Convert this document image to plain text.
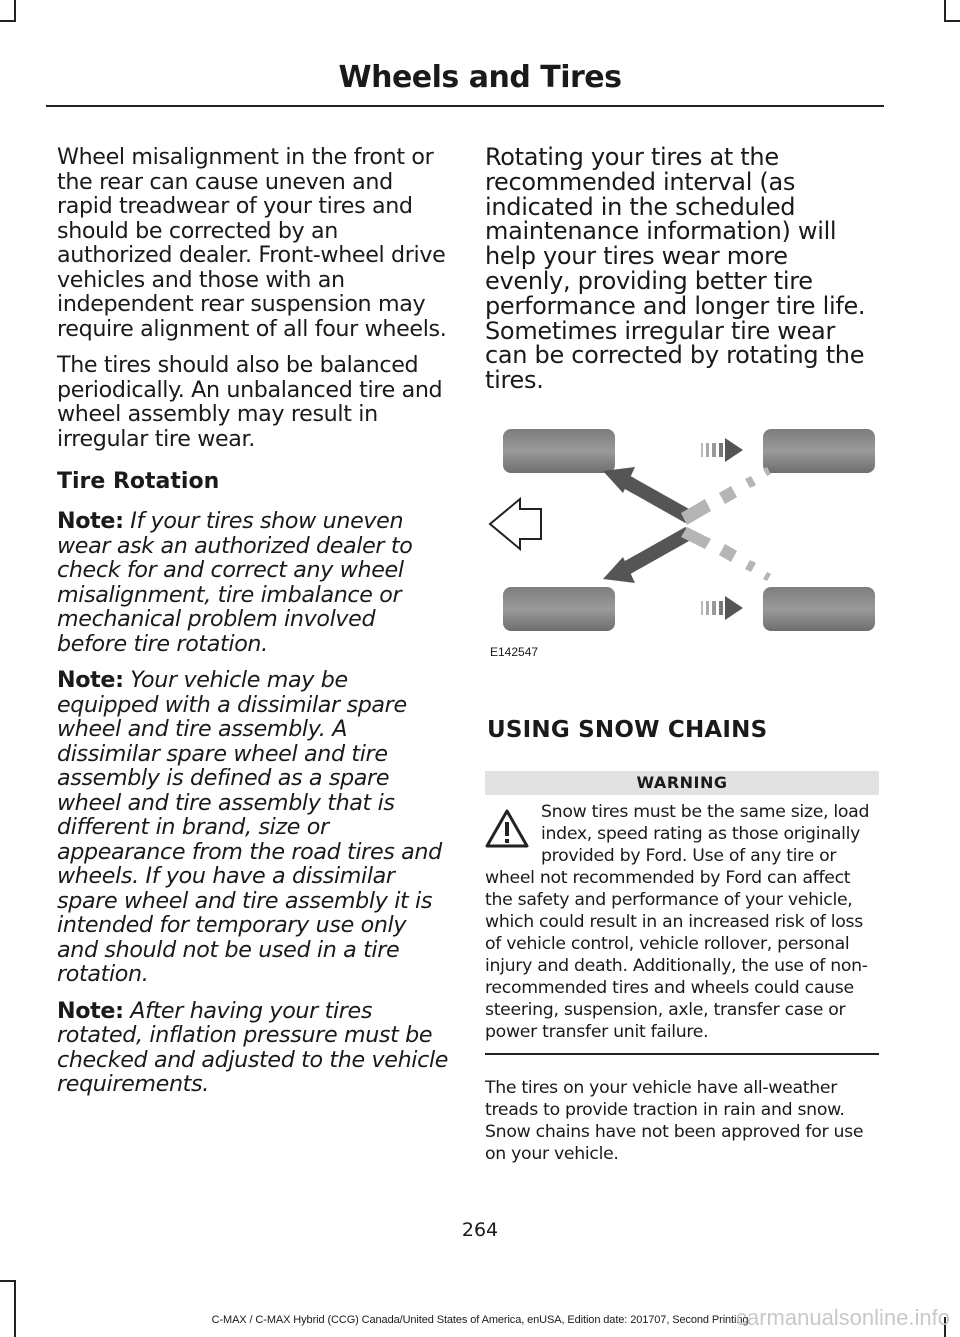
Wheels and Tires

Wheel misalignment in the front or the rear can cause uneven and rapid treadwear of your tires and should be corrected by an authorized dealer. Front-wheel drive vehicles and those with an independent rear suspension may require alignment of all four wheels.

The tires should also be balanced periodically. An unbalanced tire and wheel assembly may result in irregular tire wear.

Tire Rotation

Note: If your tires show uneven wear ask an authorized dealer to check for and correct any wheel misalignment, tire imbalance or mechanical problem involved before tire rotation.

Note: Your vehicle may be equipped with a dissimilar spare wheel and tire assembly. A dissimilar spare wheel and tire assembly is defined as a spare wheel and tire assembly that is different in brand, size or appearance from the road tires and wheels. If you have a dissimilar spare wheel and tire assembly it is intended for temporary use only and should not be used in a tire rotation.

Note: After having your tires rotated, inflation pressure must be checked and adjusted to the vehicle requirements.

Rotating your tires at the recommended interval (as indicated in the scheduled maintenance information) will help your tires wear more evenly, providing better tire performance and longer tire life. Sometimes irregular tire wear can be corrected by rotating the tires.

E142547
USING SNOW CHAINS
WARNING
Snow tires must be the same size, load index, speed rating as those originally provided by Ford. Use of any tire or wheel not recommended by Ford can affect the safety and performance of your vehicle, which could result in an increased risk of loss of vehicle control, vehicle rollover, personal injury and death. Additionally, the use of non-recommended tires and wheels could cause steering, suspension, axle, transfer case or power transfer unit failure.

The tires on your vehicle have all-weather treads to provide traction in rain and snow. Snow chains have not been approved for use on your vehicle.

264
C-MAX / C-MAX Hybrid (CCG) Canada/United States of America, enUSA, Edition date: 201707, Second Printing
carmanualsonline.info
